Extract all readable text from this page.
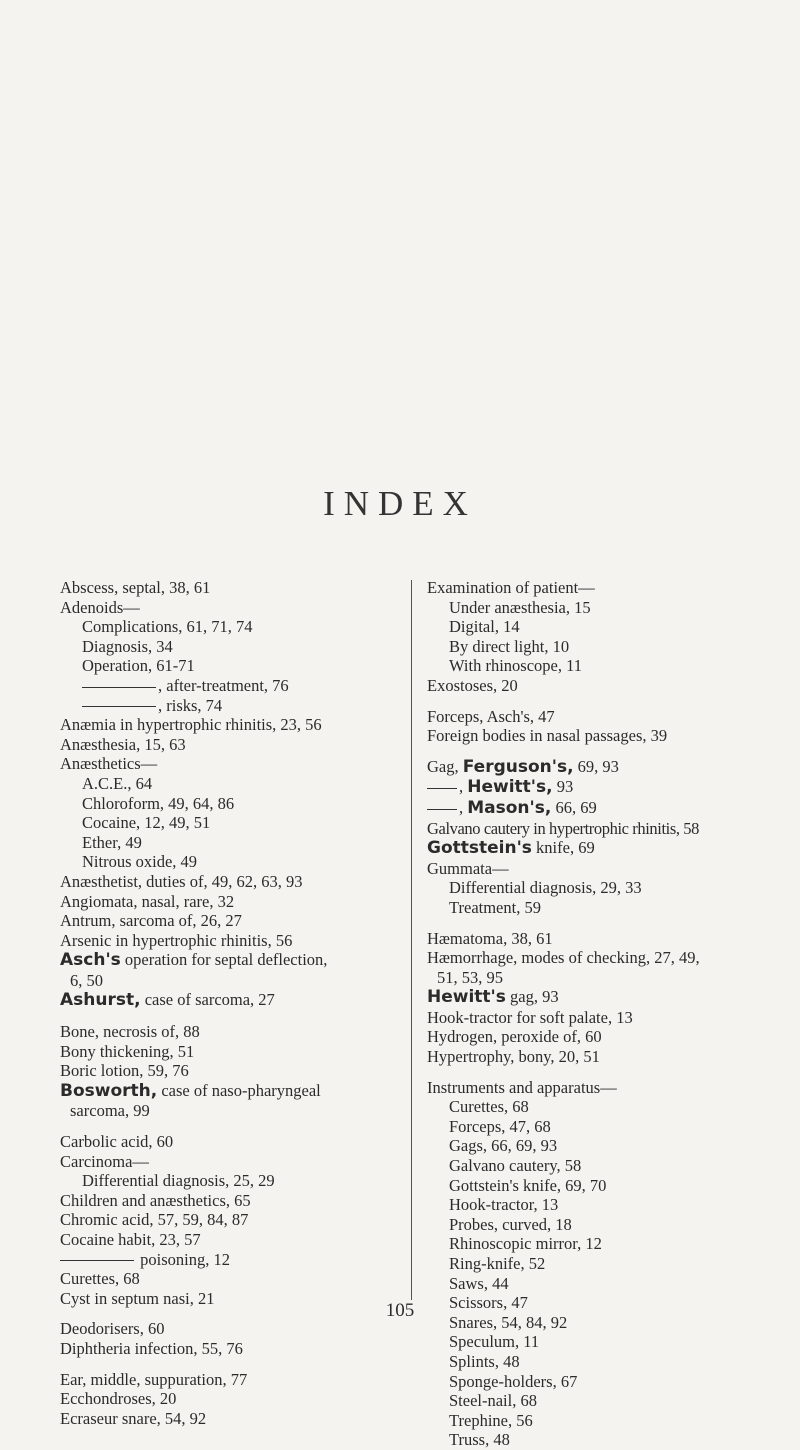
INDEX
Abscess, septal, 38, 61
Adenoids—
Complications, 61, 71, 74
Diagnosis, 34
Operation, 61-71
, after-treatment, 76
, risks, 74
Anæmia in hypertrophic rhinitis, 23, 56
Anæsthesia, 15, 63
Anæsthetics—
A.C.E., 64
Chloroform, 49, 64, 86
Cocaine, 12, 49, 51
Ether, 49
Nitrous oxide, 49
Anæsthetist, duties of, 49, 62, 63, 93
Angiomata, nasal, rare, 32
Antrum, sarcoma of, 26, 27
Arsenic in hypertrophic rhinitis, 56
Asch's operation for septal deflection,
6, 50
Ashurst, case of sarcoma, 27
Bone, necrosis of, 88
Bony thickening, 51
Boric lotion, 59, 76
Bosworth, case of naso-pharyngeal
sarcoma, 99
Carbolic acid, 60
Carcinoma—
Differential diagnosis, 25, 29
Children and anæsthetics, 65
Chromic acid, 57, 59, 84, 87
Cocaine habit, 23, 57
poisoning, 12
Curettes, 68
Cyst in septum nasi, 21
Deodorisers, 60
Diphtheria infection, 55, 76
Ear, middle, suppuration, 77
Ecchondroses, 20
Ecraseur snare, 54, 92
Examination of patient—
Under anæsthesia, 15
Digital, 14
By direct light, 10
With rhinoscope, 11
Exostoses, 20
Forceps, Asch's, 47
Foreign bodies in nasal passages, 39
Gag, Ferguson's, 69, 93
, Hewitt's, 93
, Mason's, 66, 69
Galvano cautery in hypertrophic rhinitis, 58
Gottstein's knife, 69
Gummata—
Differential diagnosis, 29, 33
Treatment, 59
Hæmatoma, 38, 61
Hæmorrhage, modes of checking, 27, 49,
51, 53, 95
Hewitt's gag, 93
Hook-tractor for soft palate, 13
Hydrogen, peroxide of, 60
Hypertrophy, bony, 20, 51
Instruments and apparatus—
Curettes, 68
Forceps, 47, 68
Gags, 66, 69, 93
Galvano cautery, 58
Gottstein's knife, 69, 70
Hook-tractor, 13
Probes, curved, 18
Rhinoscopic mirror, 12
Ring-knife, 52
Saws, 44
Scissors, 47
Snares, 54, 84, 92
Speculum, 11
Splints, 48
Sponge-holders, 67
Steel-nail, 68
Trephine, 56
Truss, 48
105
